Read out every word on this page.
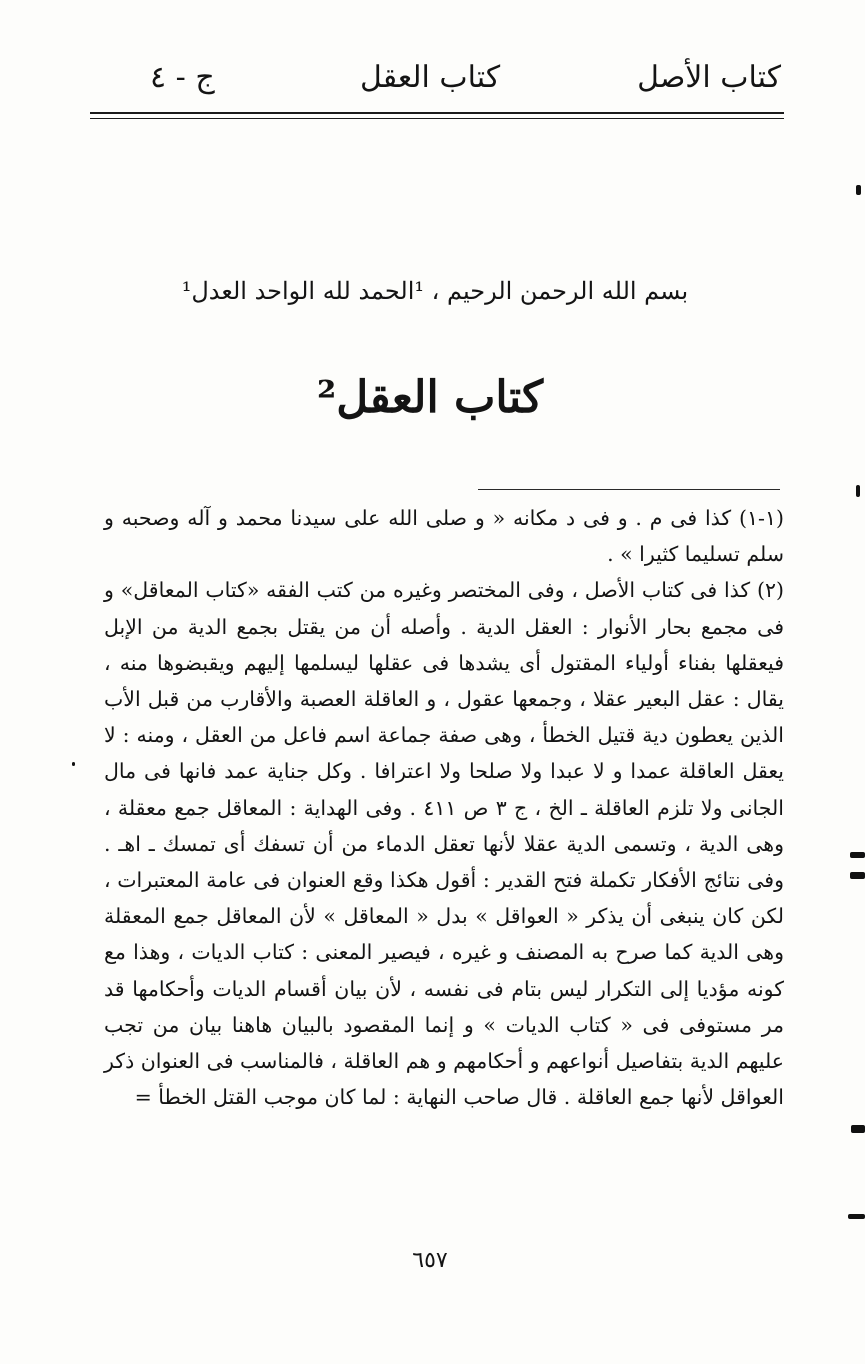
كتاب الأصل
كتاب العقل
ج - ٤
بسم الله الرحمن الرحيم ، ¹الحمد لله الواحد العدل¹
كتاب العقل²

(١-١) كذا فى م . و فى د مكانه « و صلى الله على سيدنا محمد و آله وصحبه و سلم تسليما كثيرا » .

(٢) كذا فى كتاب الأصل ، وفى المختصر وغيره من كتب الفقه «كتاب المعاقل» و فى مجمع بحار الأنوار : العقل الدية . وأصله أن من يقتل بجمع الدية من الإبل فيعقلها بفناء أولياء المقتول أى يشدها فى عقلها ليسلمها إليهم ويقبضوها منه ، يقال : عقل البعير عقلا ، وجمعها عقول ، و العاقلة العصبة والأقارب من قبل الأب الذين يعطون دية قتيل الخطأ ، وهى صفة جماعة اسم فاعل من العقل ، ومنه : لا يعقل العاقلة عمدا و لا عبدا ولا صلحا ولا اعترافا . وكل جناية عمد فانها فى مال الجانى ولا تلزم العاقلة ـ الخ ، ج ٣ ص ٤١١ . وفى الهداية : المعاقل جمع معقلة ، وهى الدية ، وتسمى الدية عقلا لأنها تعقل الدماء من أن تسفك أى تمسك ـ اهـ . وفى نتائج الأفكار تكملة فتح القدير : أقول هكذا وقع العنوان فى عامة المعتبرات ، لكن كان ينبغى أن يذكر « العواقل » بدل « المعاقل » لأن المعاقل جمع المعقلة وهى الدية كما صرح به المصنف و غيره ، فيصير المعنى : كتاب الديات ، وهذا مع كونه مؤديا إلى التكرار ليس بتام فى نفسه ، لأن بيان أقسام الديات وأحكامها قد مر مستوفى فى « كتاب الديات » و إنما المقصود بالبيان هاهنا بيان من تجب عليهم الدية بتفاصيل أنواعهم و أحكامهم و هم العاقلة ، فالمناسب فى العنوان ذكر العواقل لأنها جمع العاقلة . قال صاحب النهاية : لما كان موجب القتل الخطأ =

٦٥٧
